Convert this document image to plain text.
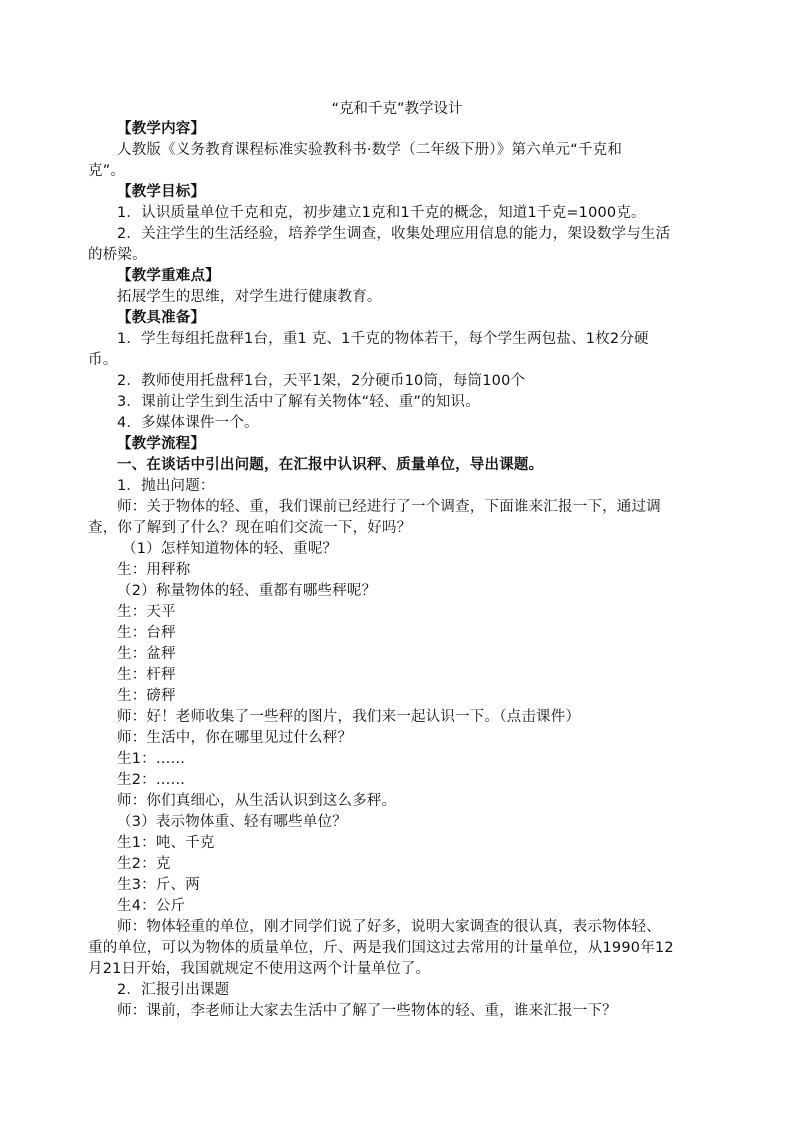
“克和千克”教学设计
【教学内容】
人教版《义务教育课程标准实验教科书·数学（二年级下册）》第六单元“千克和
克”。
【教学目标】
1．认识质量单位千克和克，初步建立1克和1千克的概念，知道1千克=1000克。
2．关注学生的生活经验，培养学生调查，收集处理应用信息的能力，架设数学与生活
的桥梁。
【教学重难点】
拓展学生的思维，对学生进行健康教育。
【教具准备】
1．学生每组托盘秤1台，重1 克、1千克的物体若干，每个学生两包盐、1枚2分硬
币。
2．教师使用托盘秤1台，天平1架，2分硬币10筒，每筒100个
3．课前让学生到生活中了解有关物体“轻、重”的知识。
4．多媒体课件一个。
【教学流程】
一、在谈话中引出问题，在汇报中认识秤、质量单位，导出课题。
1．抛出问题：
师：关于物体的轻、重，我们课前已经进行了一个调查，下面谁来汇报一下，通过调
查，你了解到了什么？现在咱们交流一下，好吗？
（1）怎样知道物体的轻、重呢？
生：用秤称
（2）称量物体的轻、重都有哪些秤呢？
生：天平
生：台秤
生：盆秤
生：杆秤
生：磅秤
师：好！老师收集了一些秤的图片，我们来一起认识一下。（点击课件）
师：生活中，你在哪里见过什么秤？
生1：……
生2：……
师：你们真细心，从生活认识到这么多秤。
（3）表示物体重、轻有哪些单位？
生1：吨、千克
生2：克
生3：斤、两
生4：公斤
师：物体轻重的单位，刚才同学们说了好多，说明大家调查的很认真，表示物体轻、
重的单位，可以为物体的质量单位，斤、两是我们国这过去常用的计量单位，从1990年12
月21日开始，我国就规定不使用这两个计量单位了。
2．汇报引出课题
师：课前，李老师让大家去生活中了解了一些物体的轻、重，谁来汇报一下？
